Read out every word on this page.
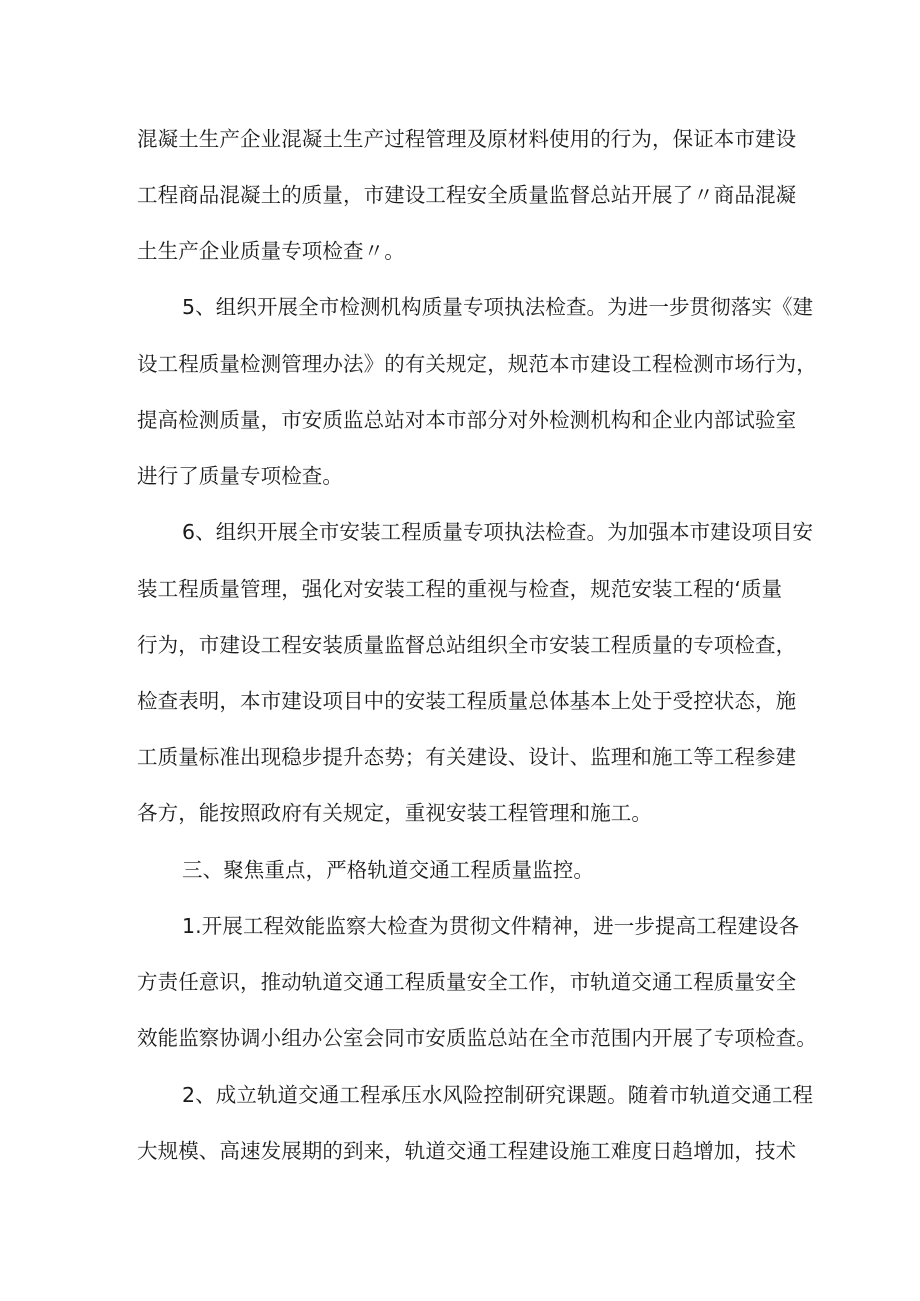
混凝土生产企业混凝土生产过程管理及原材料使用的行为，保证本市建设

工程商品混凝土的质量，市建设工程安全质量监督总站开展了〃商品混凝

土生产企业质量专项检查〃。

5、组织开展全市检测机构质量专项执法检查。为进一步贯彻落实《建

设工程质量检测管理办法》的有关规定，规范本市建设工程检测市场行为，

提高检测质量，市安质监总站对本市部分对外检测机构和企业内部试验室

进行了质量专项检查。

6、组织开展全市安装工程质量专项执法检查。为加强本市建设项目安

装工程质量管理，强化对安装工程的重视与检查，规范安装工程的‘质量

行为，市建设工程安装质量监督总站组织全市安装工程质量的专项检查，

检查表明，本市建设项目中的安装工程质量总体基本上处于受控状态，施

工质量标准出现稳步提升态势；有关建设、设计、监理和施工等工程参建

各方，能按照政府有关规定，重视安装工程管理和施工。

三、聚焦重点，严格轨道交通工程质量监控。

1.开展工程效能监察大检查为贯彻文件精神，进一步提高工程建设各

方责任意识，推动轨道交通工程质量安全工作，市轨道交通工程质量安全

效能监察协调小组办公室会同市安质监总站在全市范围内开展了专项检查。

2、成立轨道交通工程承压水风险控制研究课题。随着市轨道交通工程

大规模、高速发展期的到来，轨道交通工程建设施工难度日趋增加，技术
